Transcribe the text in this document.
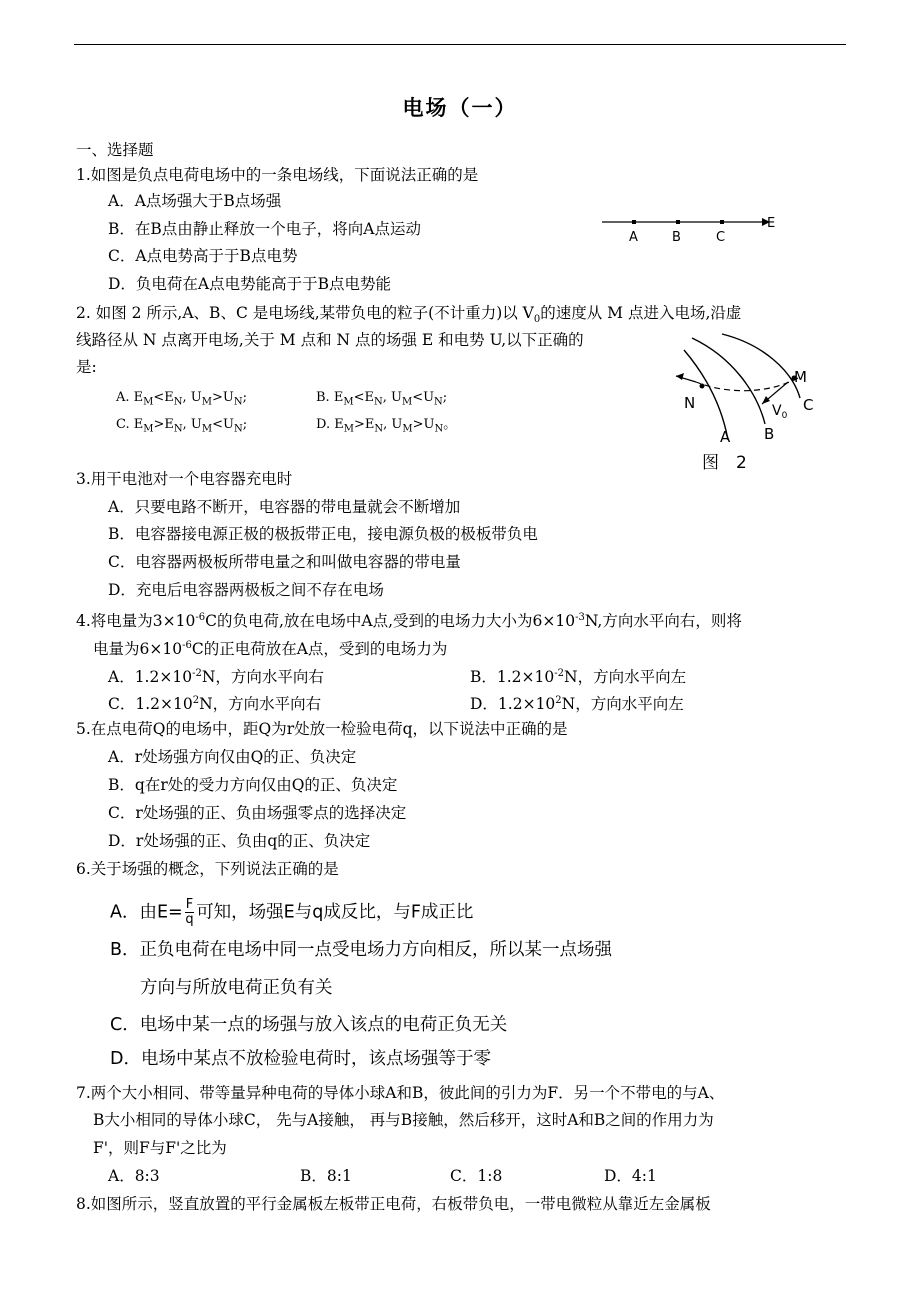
电场（一）
一、选择题
1.如图是负点电荷电场中的一条电场线，下面说法正确的是
A．A点场强大于B点场强
B．在B点由静止释放一个电子，将向A点运动
C．A点电势高于于B点电势
D．负电荷在A点电势能高于于B点电势能
A	B	C
E
2. 如图 2 所示,A、B、C 是电场线,某带负电的粒子(不计重力)以 $V_0$的速度从 M 点进入电场,沿虚
线路径从 N 点离开电场,关于 M 点和 N 点的场强 E 和电势 U,以下正确的
是:
A. $E_M<E_N$, $U_M>U_N$;	B. $E_M<E_N$, $U_M<U_N$;
C. $E_M>E_N$, $U_M<U_N$;	D. $E_M>E_N$, $U_M>U_N$。
N
M
A B
C
$V_0$
图　2
3.用干电池对一个电容器充电时
A．只要电路不断开，电容器的带电量就会不断增加
B．电容器接电源正极的极扳带正电，接电源负极的极板带负电
C．电容器两极板所带电量之和叫做电容器的带电量
D．充电后电容器两极板之间不存在电场
4.将电量为$3\times 10^{-6}C$的负电荷,放在电场中A点,受到的电场力大小为$6\times 10^{-3}N$,方向水平向右，则将
电量为$6\times 10^{-6}C$的正电荷放在A点，受到的电场力为
A．$1.2\times 10^{-2}N$，方向水平向右	B．$1.2\times 10^{-2}N$，方向水平向左
C．$1.2\times 10^2N$，方向水平向右	D．$1.2\times 10^2N$，方向水平向左
5.在点电荷Q的电场中，距Q为r处放一检验电荷q，以下说法中正确的是
A．r处场强方向仅由Q的正、负决定
B．q在r处的受力方向仅由Q的正、负决定
C．r处场强的正、负由场强零点的选择决定
D．r处场强的正、负由q的正、负决定
6.关于场强的概念，下列说法正确的是
A．由$E= \frac{F}{q}$ 可知，场强E与q成反比，与F成正比
B．正负电荷在电场中同一点受电场力方向相反，所以某一点场强
方向与所放电荷正负有关
C．电场中某一点的场强与放入该点的电荷正负无关
D．电场中某点不放检验电荷时，该点场强等于零
7.两个大小相同、带等量异种电荷的导体小球A和B，彼此间的引力为F．另一个不带电的与A、
B大小相同的导体小球C， 先与A接触， 再与B接触，然后移开，这时A和B之间的作用力为
F'，则F与F'之比为
A．8:3	B．8:1	C．1:8	D．4:1
8.如图所示，竖直放置的平行金属板左板带正电荷，右板带负电，一带电微粒从靠近左金属板
